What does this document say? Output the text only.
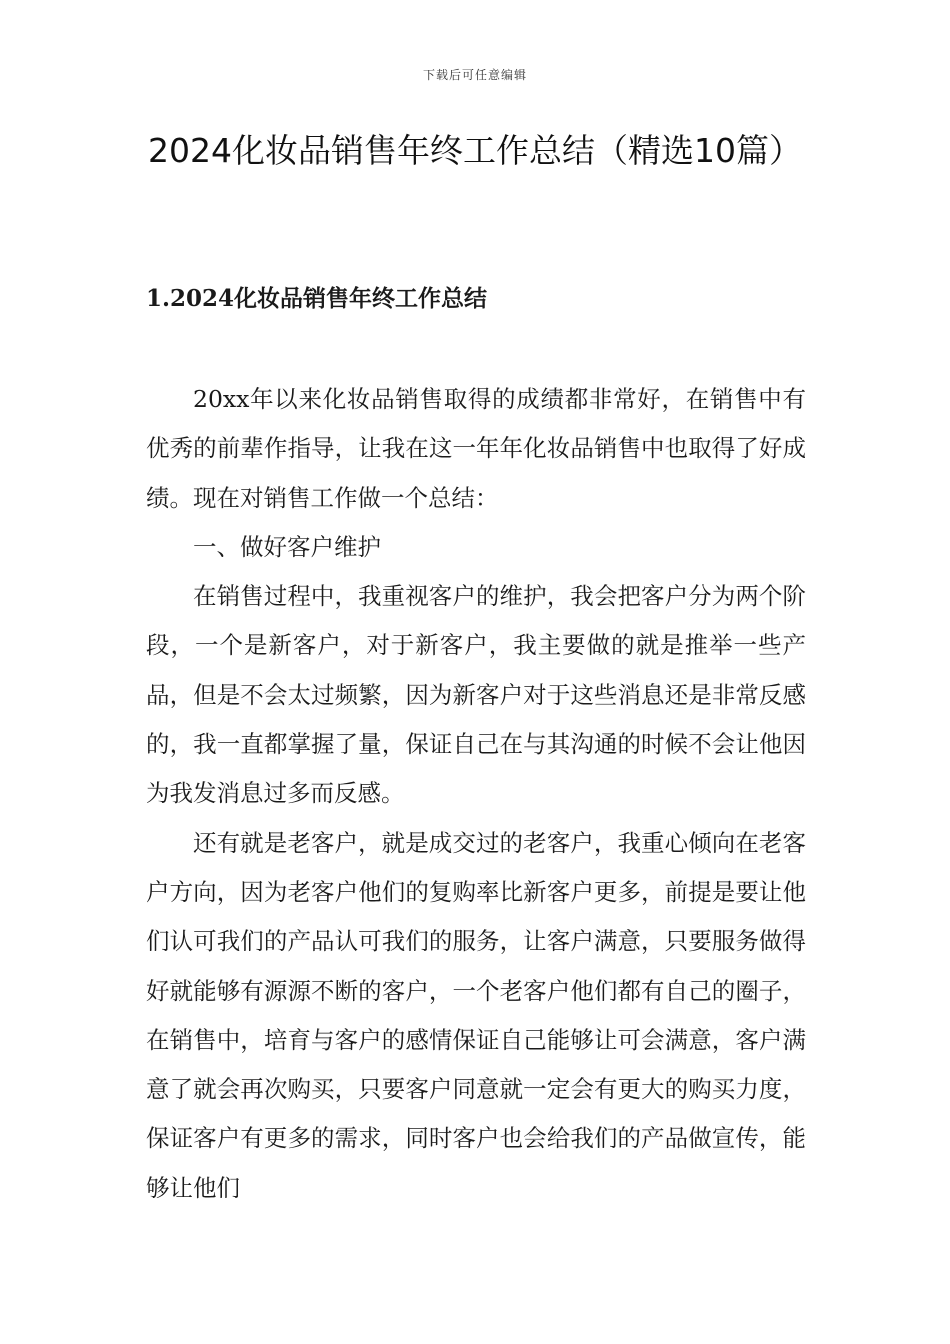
下载后可任意编辑
2024化妆品销售年终工作总结（精选10篇）
1.2024化妆品销售年终工作总结

20xx年以来化妆品销售取得的成绩都非常好，在销售中有优秀的前辈作指导，让我在这一年年化妆品销售中也取得了好成绩。现在对销售工作做一个总结：

一、做好客户维护

在销售过程中，我重视客户的维护，我会把客户分为两个阶段，一个是新客户，对于新客户，我主要做的就是推举一些产品，但是不会太过频繁，因为新客户对于这些消息还是非常反感的，我一直都掌握了量，保证自己在与其沟通的时候不会让他因为我发消息过多而反感。

还有就是老客户，就是成交过的老客户，我重心倾向在老客户方向，因为老客户他们的复购率比新客户更多，前提是要让他们认可我们的产品认可我们的服务，让客户满意，只要服务做得好就能够有源源不断的客户，一个老客户他们都有自己的圈子，在销售中，培育与客户的感情保证自己能够让可会满意，客户满意了就会再次购买，只要客户同意就一定会有更大的购买力度，保证客户有更多的需求，同时客户也会给我们的产品做宣传，能够让他们
